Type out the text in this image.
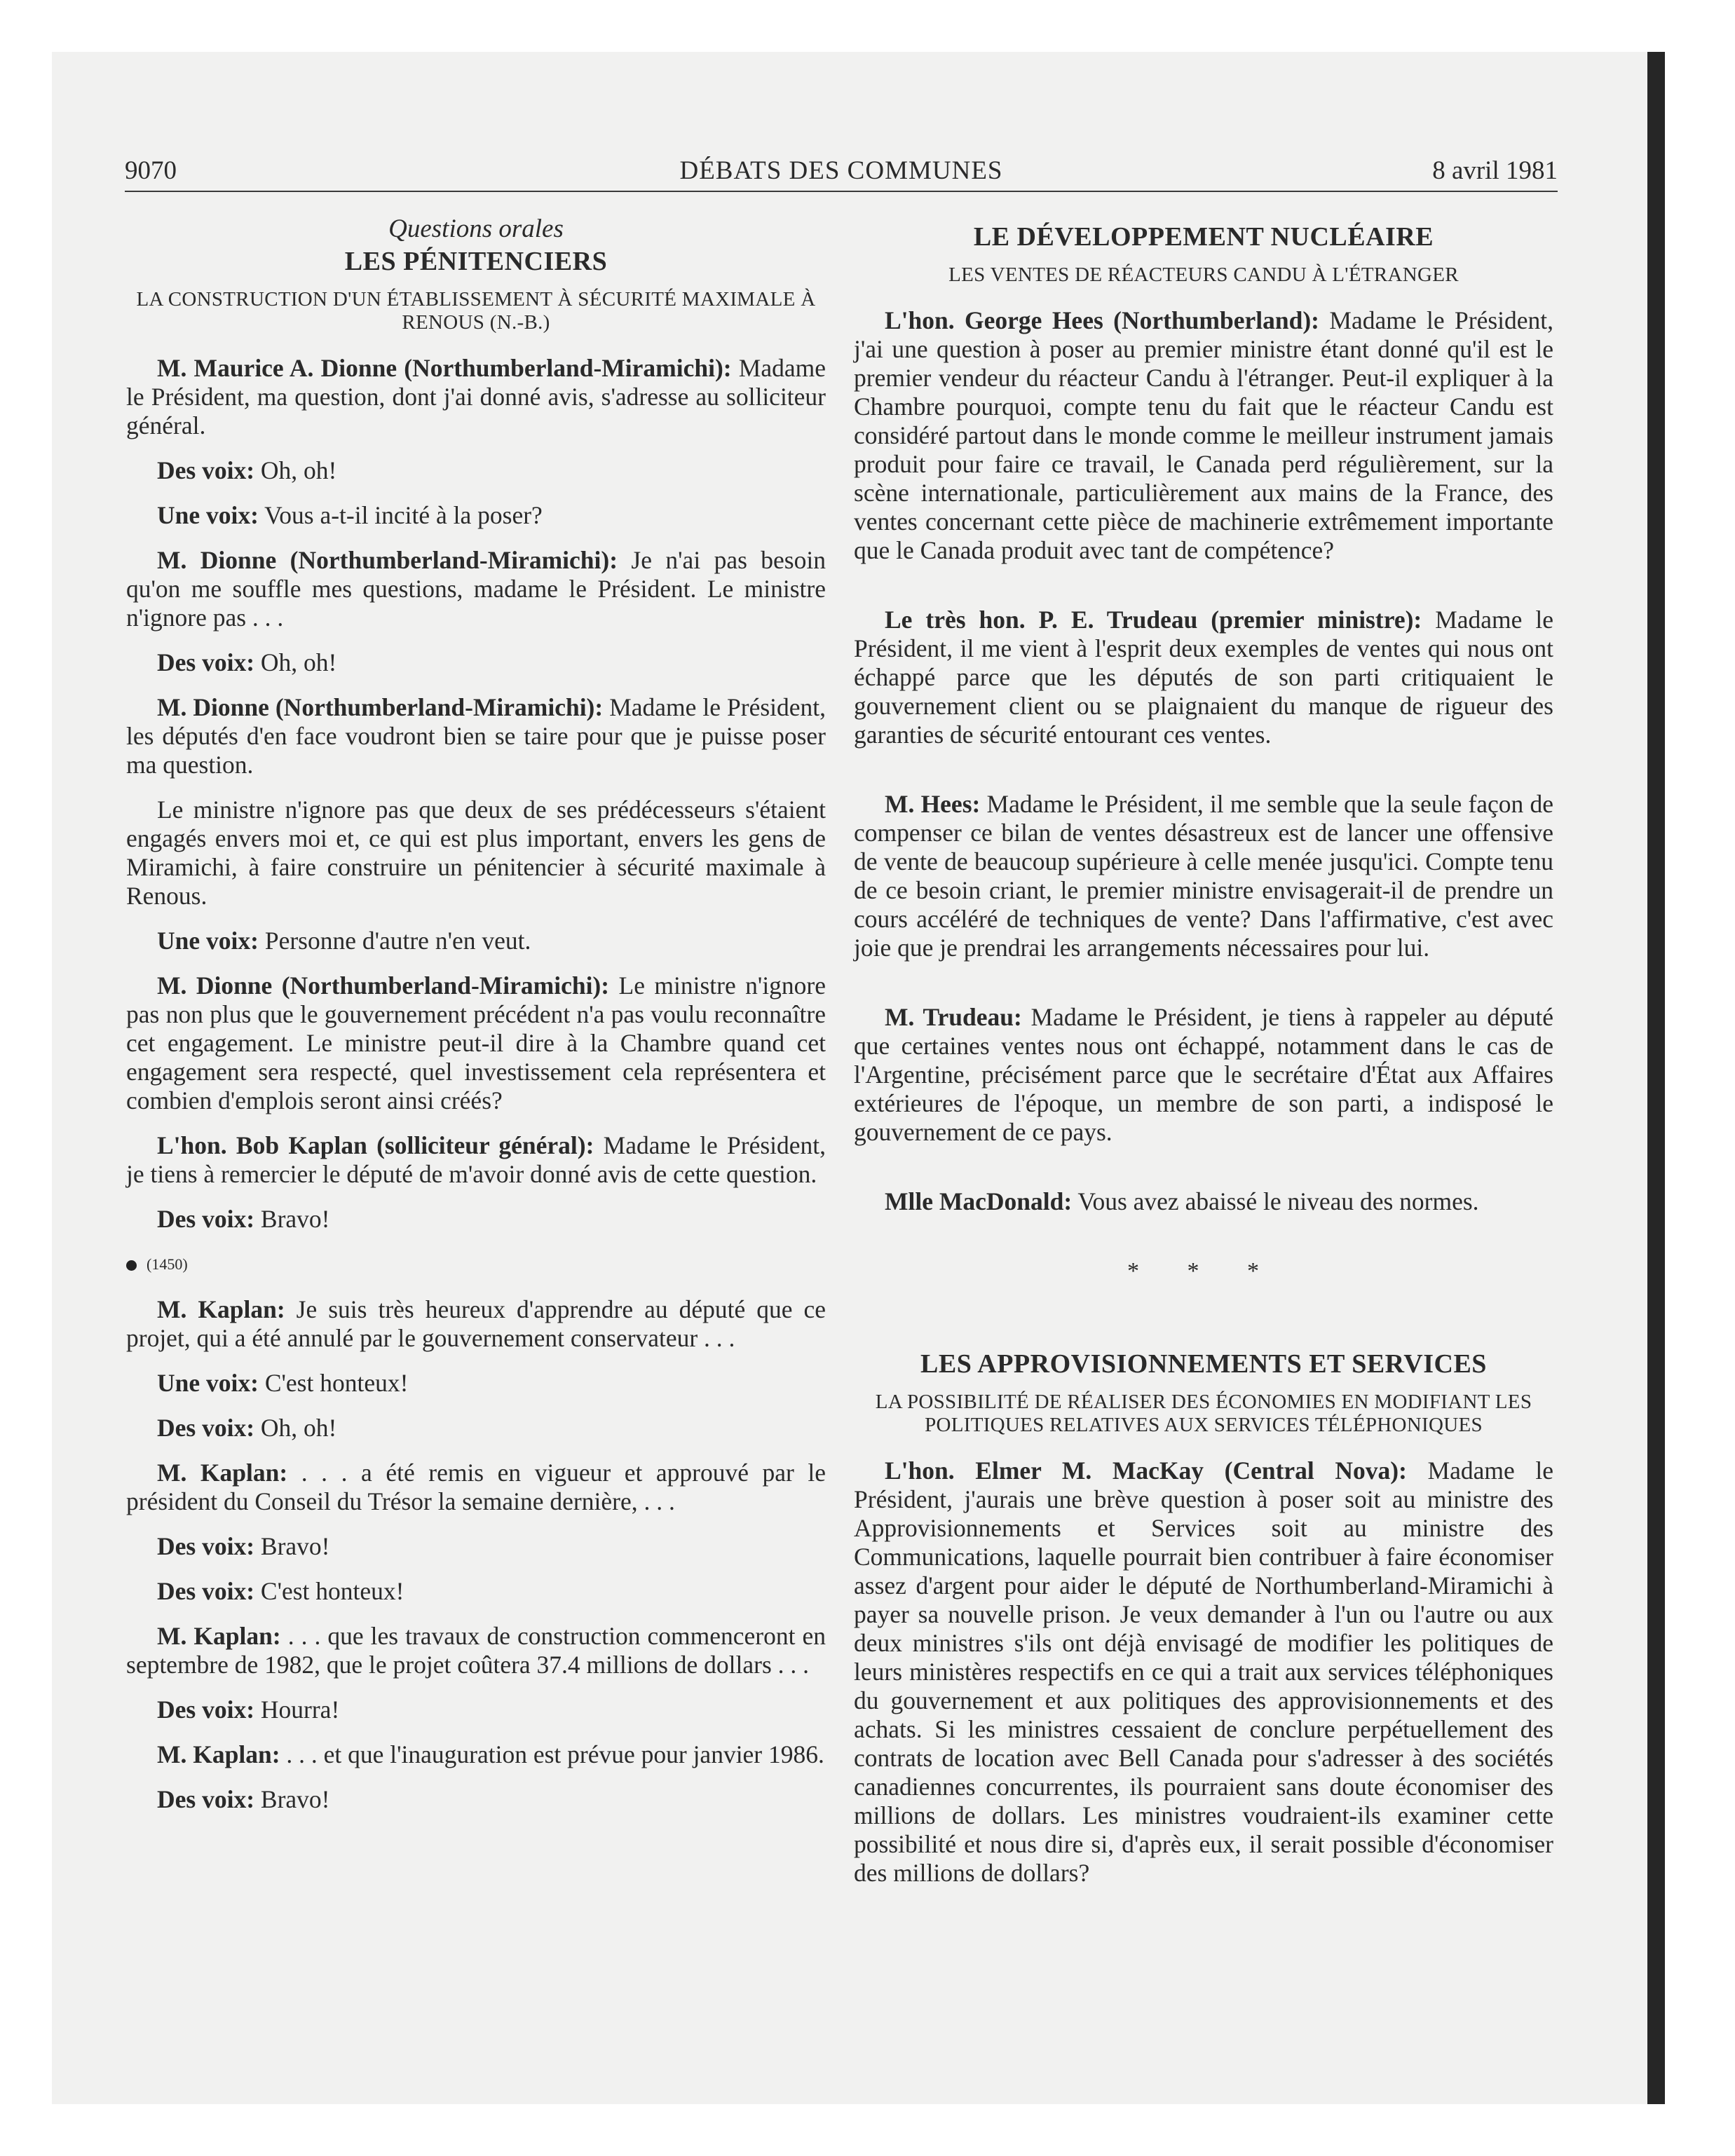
9070	DÉBATS DES COMMUNES	8 avril 1981
Questions orales
LES PÉNITENCIERS
LA CONSTRUCTION D'UN ÉTABLISSEMENT À SÉCURITÉ MAXIMALE À RENOUS (N.-B.)

M. Maurice A. Dionne (Northumberland-Miramichi): Madame le Président, ma question, dont j'ai donné avis, s'adresse au solliciteur général.

Des voix: Oh, oh!

Une voix: Vous a-t-il incité à la poser?

M. Dionne (Northumberland-Miramichi): Je n'ai pas besoin qu'on me souffle mes questions, madame le Président. Le ministre n'ignore pas . . .

Des voix: Oh, oh!

M. Dionne (Northumberland-Miramichi): Madame le Président, les députés d'en face voudront bien se taire pour que je puisse poser ma question.

Le ministre n'ignore pas que deux de ses prédécesseurs s'étaient engagés envers moi et, ce qui est plus important, envers les gens de Miramichi, à faire construire un pénitencier à sécurité maximale à Renous.

Une voix: Personne d'autre n'en veut.

M. Dionne (Northumberland-Miramichi): Le ministre n'ignore pas non plus que le gouvernement précédent n'a pas voulu reconnaître cet engagement. Le ministre peut-il dire à la Chambre quand cet engagement sera respecté, quel investissement cela représentera et combien d'emplois seront ainsi créés?

L'hon. Bob Kaplan (solliciteur général): Madame le Président, je tiens à remercier le député de m'avoir donné avis de cette question.

Des voix: Bravo!

(1450)

M. Kaplan: Je suis très heureux d'apprendre au député que ce projet, qui a été annulé par le gouvernement conservateur . . .

Une voix: C'est honteux!

Des voix: Oh, oh!

M. Kaplan: . . . a été remis en vigueur et approuvé par le président du Conseil du Trésor la semaine dernière, . . .

Des voix: Bravo!

Des voix: C'est honteux!

M. Kaplan: . . . que les travaux de construction commenceront en septembre de 1982, que le projet coûtera 37.4 millions de dollars . . .

Des voix: Hourra!

M. Kaplan: . . . et que l'inauguration est prévue pour janvier 1986.

Des voix: Bravo!

LE DÉVELOPPEMENT NUCLÉAIRE
LES VENTES DE RÉACTEURS CANDU À L'ÉTRANGER

L'hon. George Hees (Northumberland): Madame le Président, j'ai une question à poser au premier ministre étant donné qu'il est le premier vendeur du réacteur Candu à l'étranger. Peut-il expliquer à la Chambre pourquoi, compte tenu du fait que le réacteur Candu est considéré partout dans le monde comme le meilleur instrument jamais produit pour faire ce travail, le Canada perd régulièrement, sur la scène internationale, particulièrement aux mains de la France, des ventes concernant cette pièce de machinerie extrêmement importante que le Canada produit avec tant de compétence?

Le très hon. P. E. Trudeau (premier ministre): Madame le Président, il me vient à l'esprit deux exemples de ventes qui nous ont échappé parce que les députés de son parti critiquaient le gouvernement client ou se plaignaient du manque de rigueur des garanties de sécurité entourant ces ventes.

M. Hees: Madame le Président, il me semble que la seule façon de compenser ce bilan de ventes désastreux est de lancer une offensive de vente de beaucoup supérieure à celle menée jusqu'ici. Compte tenu de ce besoin criant, le premier ministre envisagerait-il de prendre un cours accéléré de techniques de vente? Dans l'affirmative, c'est avec joie que je prendrai les arrangements nécessaires pour lui.

M. Trudeau: Madame le Président, je tiens à rappeler au député que certaines ventes nous ont échappé, notamment dans le cas de l'Argentine, précisément parce que le secrétaire d'État aux Affaires extérieures de l'époque, un membre de son parti, a indisposé le gouvernement de ce pays.

Mlle MacDonald: Vous avez abaissé le niveau des normes.

* * *
LES APPROVISIONNEMENTS ET SERVICES
LA POSSIBILITÉ DE RÉALISER DES ÉCONOMIES EN MODIFIANT LES POLITIQUES RELATIVES AUX SERVICES TÉLÉPHONIQUES

L'hon. Elmer M. MacKay (Central Nova): Madame le Président, j'aurais une brève question à poser soit au ministre des Approvisionnements et Services soit au ministre des Communications, laquelle pourrait bien contribuer à faire économiser assez d'argent pour aider le député de Northumberland-Miramichi à payer sa nouvelle prison. Je veux demander à l'un ou l'autre ou aux deux ministres s'ils ont déjà envisagé de modifier les politiques de leurs ministères respectifs en ce qui a trait aux services téléphoniques du gouvernement et aux politiques des approvisionnements et des achats. Si les ministres cessaient de conclure perpétuellement des contrats de location avec Bell Canada pour s'adresser à des sociétés canadiennes concurrentes, ils pourraient sans doute économiser des millions de dollars. Les ministres voudraient-ils examiner cette possibilité et nous dire si, d'après eux, il serait possible d'économiser des millions de dollars?
